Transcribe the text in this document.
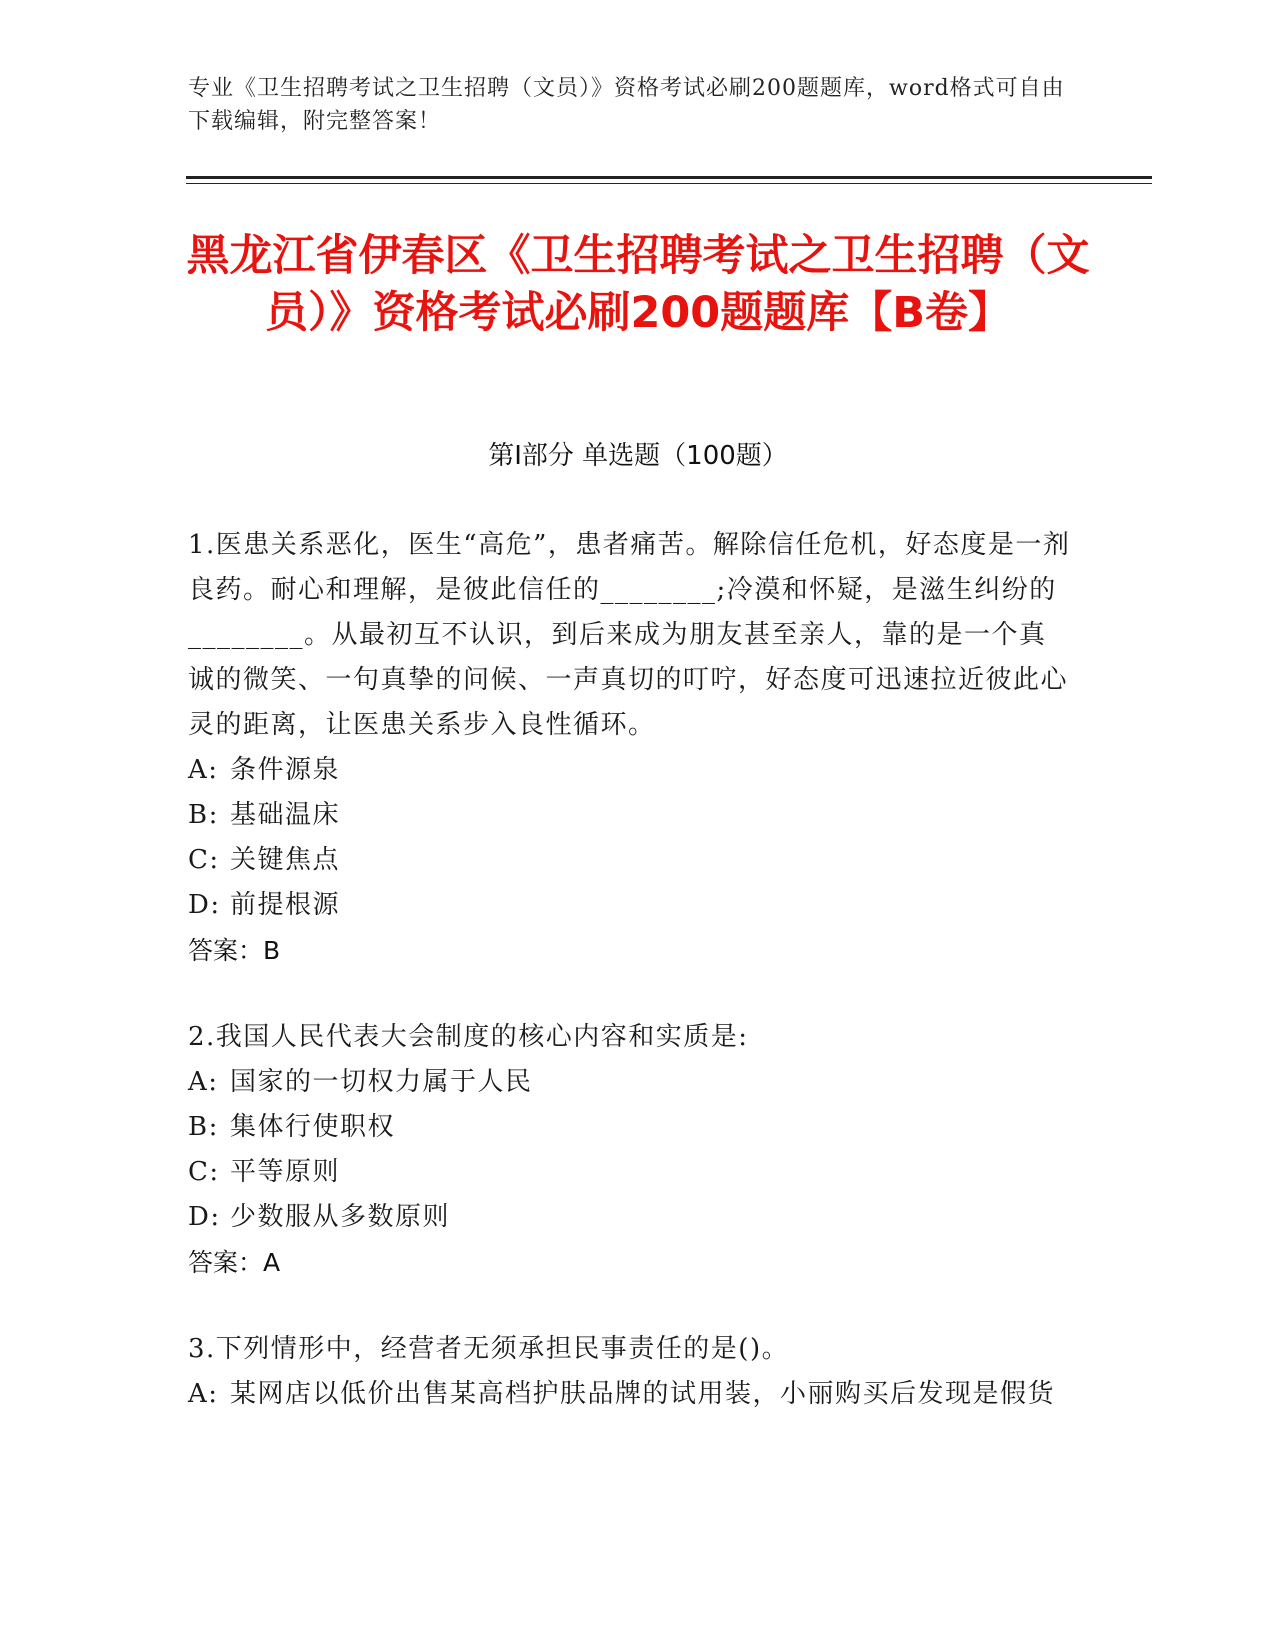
专业《卫生招聘考试之卫生招聘（文员）》资格考试必刷200题题库，word格式可自由下载编辑，附完整答案！
黑龙江省伊春区《卫生招聘考试之卫生招聘（文员）》资格考试必刷200题题库【B卷】
第Ⅰ部分 单选题（100题）
1.医患关系恶化，医生“高危”，患者痛苦。解除信任危机，好态度是一剂良药。耐心和理解，是彼此信任的________;冷漠和怀疑，是滋生纠纷的________。从最初互不认识，到后来成为朋友甚至亲人，靠的是一个真诚的微笑、一句真挚的问候、一声真切的叮咛，好态度可迅速拉近彼此心灵的距离，让医患关系步入良性循环。
A: 条件源泉
B: 基础温床
C: 关键焦点
D: 前提根源
答案：B
2.我国人民代表大会制度的核心内容和实质是:
A: 国家的一切权力属于人民
B: 集体行使职权
C: 平等原则
D: 少数服从多数原则
答案：A
3.下列情形中，经营者无须承担民事责任的是()。
A: 某网店以低价出售某高档护肤品牌的试用装，小丽购买后发现是假货
